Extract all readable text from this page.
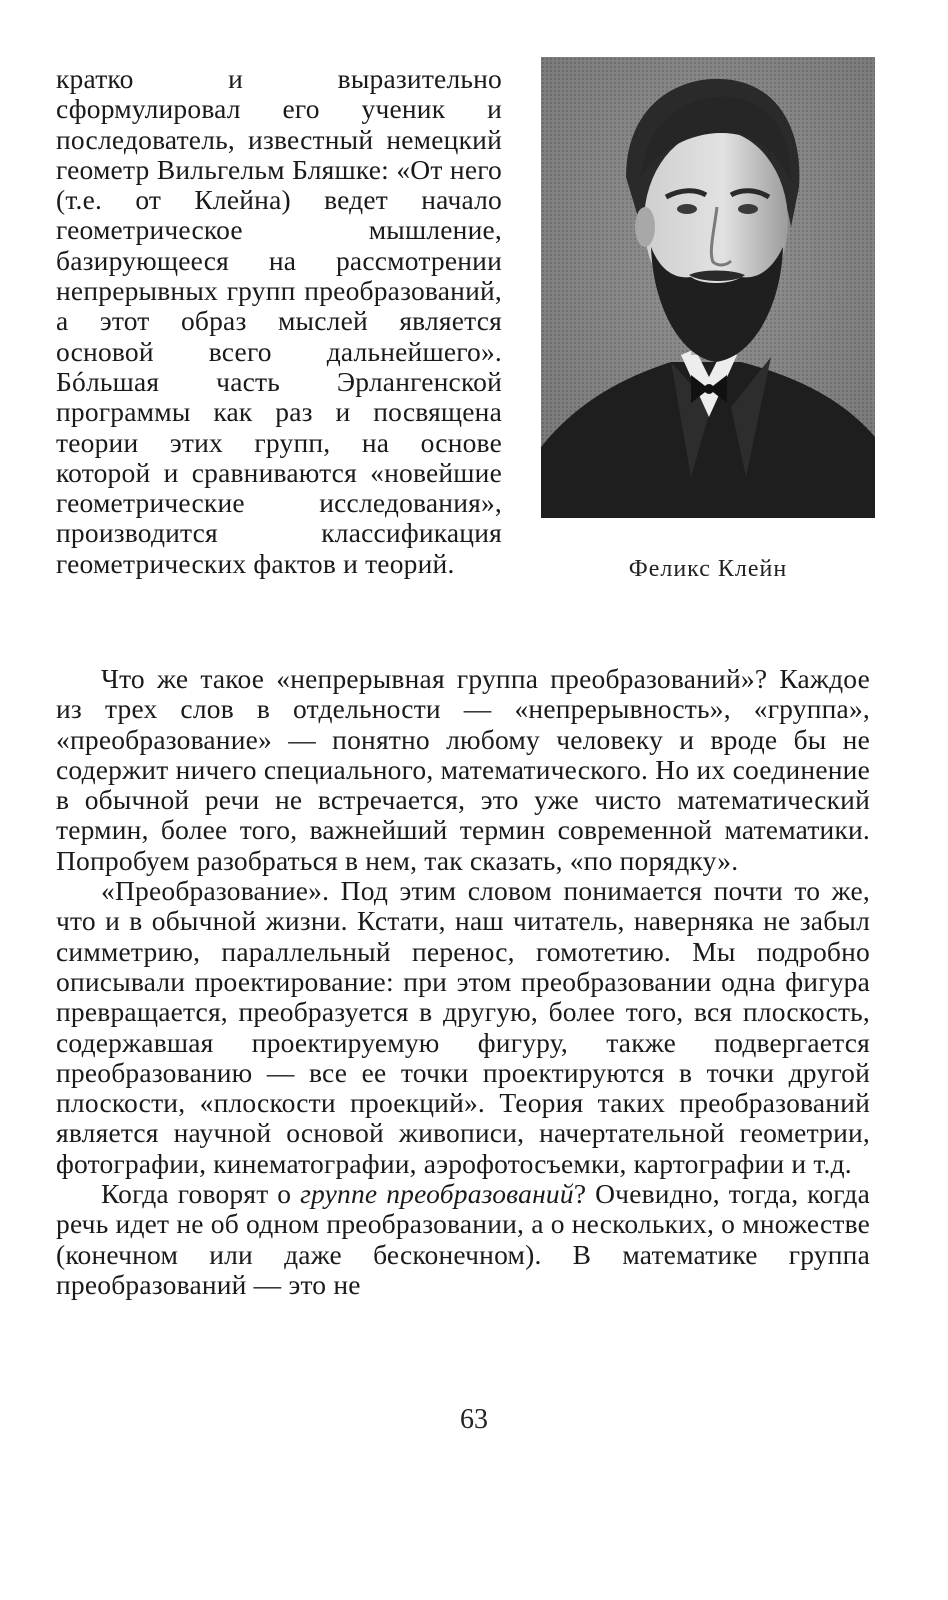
кратко и выразительно сформулировал его ученик и последователь, известный немецкий геометр Вильгельм Бляшке: «От него (т.е. от Клейна) ведет начало геометрическое мышление, базирующееся на рассмотрении непрерывных групп преобразований, а этот образ мыслей является основой всего дальнейшего». Бóльшая часть Эрлангенской программы как раз и посвящена теории этих групп, на основе которой и сравниваются «новейшие геометрические исследования», производится классификация геометрических фактов и теорий.	Феликс Клейн

Что же такое «непрерывная группа преобразований»? Каждое из трех слов в отдельности — «непрерывность», «группа», «преобразование» — понятно любому человеку и вроде бы не содержит ничего специального, математического. Но их соединение в обычной речи не встречается, это уже чисто математический термин, более того, важнейший термин современной математики. Попробуем разобраться в нем, так сказать, «по порядку».

«Преобразование». Под этим словом понимается почти то же, что и в обычной жизни. Кстати, наш читатель, наверняка не забыл симметрию, параллельный перенос, гомотетию. Мы подробно описывали проектирование: при этом преобразовании одна фигура превращается, преобразуется в другую, более того, вся плоскость, содержавшая проектируемую фигуру, также подвергается преобразованию — все ее точки проектируются в точки другой плоскости, «плоскости проекций». Теория таких преобразований является научной основой живописи, начертательной геометрии, фотографии, кинематографии, аэрофотосъемки, картографии и т.д.

Когда говорят о группе преобразований? Очевидно, тогда, когда речь идет не об одном преобразовании, а о нескольких, о множестве (конечном или даже бесконечном). В математике группа преобразований — это не

63
